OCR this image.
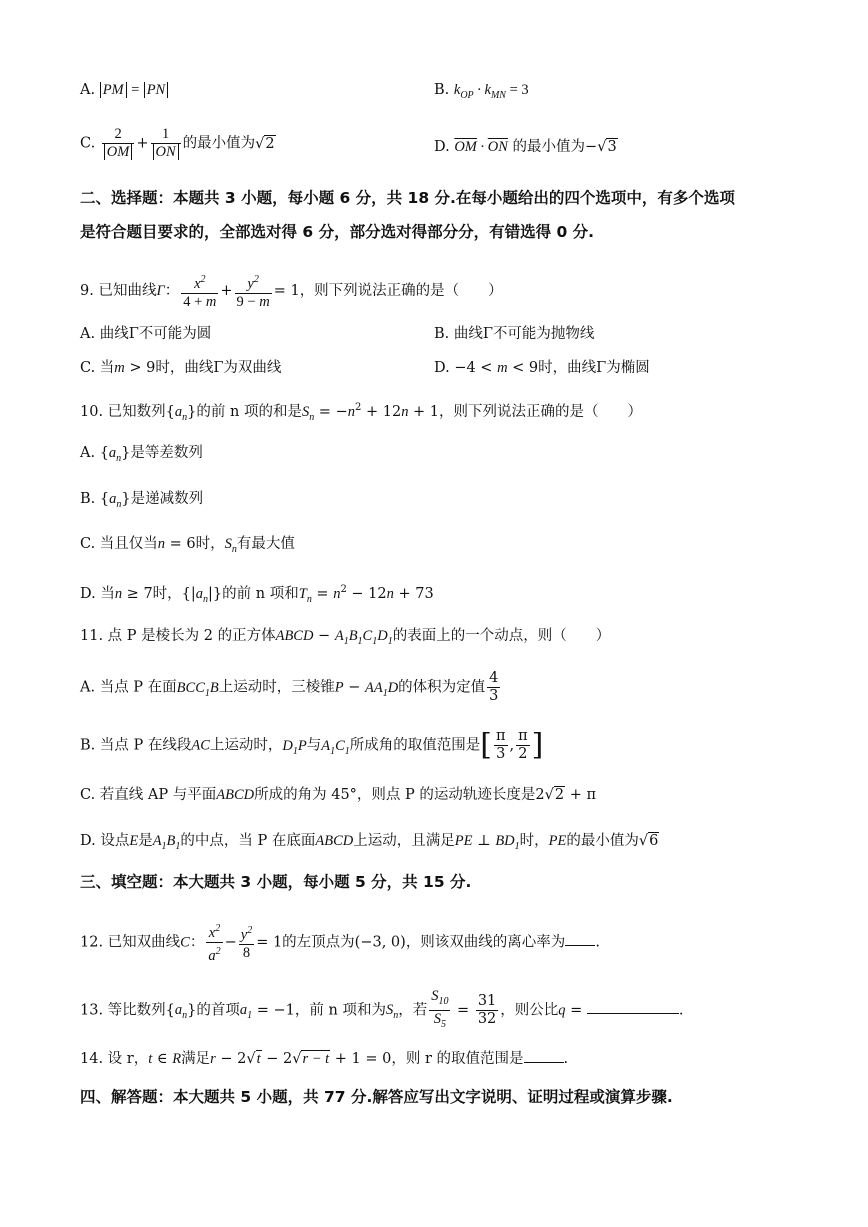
A. PM = PN	B. $k_{OP} \cdot k_{MN} = 3$
C. $\frac{2}{OM} + \frac{1}{ON}$ 的最小值为√2	D. $\overline{OM} \cdot \overline{ON}$ 的最小值为−√3
二、选择题：本题共 3 小题，每小题 6 分，共 18 分.在每小题给出的四个选项中，有多个选项
是符合题目要求的，全部选对得 6 分，部分选对得部分分，有错选得 0 分.
9. 已知曲线Γ： $\frac{x^2}{4 + m} + \frac{y^2}{9 - m} = 1$，则下列说法正确的是（　　）
A. 曲线Γ不可能为圆	B. 曲线Γ不可能为抛物线
C. 当m > 9时，曲线Γ为双曲线	D. −4 < m < 9时，曲线Γ为椭圆
10. 已知数列$\{a_n\}$的前 n 项的和是$S_n = -n^2 + 12n + 1$，则下列说法正确的是（　　）
A. $\{a_n\}$是等差数列
B. $\{a_n\}$是递减数列
C. 当且仅当n = 6时，$S_n$有最大值
D. 当n ≥ 7时，$\{|a_n|\}$的前 n 项和$T_n = n^2 - 12n + 73$
11. 点 P 是棱长为 2 的正方体ABCD − $A_1B_1C_1D_1$的表面上的一个动点，则（　　）
A. 当点 P 在面$BCC_1B$上运动时，三棱锥$P - AA_1D$的体积为定值 $\frac{4}{3}$
B. 当点 P 在线段AC上运动时，$D_1P$与$A_1C_1$所成角的取值范围是[ $\frac{\pi}{3}$ , $\frac{\pi}{2}$ ]
C. 若直线 AP 与平面ABCD所成的角为 45°，则点 P 的运动轨迹长度是2√2 + π
D. 设点E是$A_1B_1$的中点，当 P 在底面ABCD上运动，且满足PE ⊥ $BD_1$时，PE的最小值为√6
三、填空题：本大题共 3 小题，每小题 5 分，共 15 分.
12. 已知双曲线C： $\frac{x^2}{a^2} - \frac{y^2}{8} = 1$的左顶点为(−3, 0)，则该双曲线的离心率为 .
13. 等比数列$\{a_n\}$的首项$a_1 = -1$，前 n 项和为$S_n$，若 $\frac{S_{10}}{S_5} = \frac{31}{32}$ ，则公比q =	.
14. 设 r，t ∈ R满足r − 2√t − 2√r − t + 1 = 0，则 r 的取值范围是	.
四、解答题：本大题共 5 小题，共 77 分.解答应写出文字说明、证明过程或演算步骤.
